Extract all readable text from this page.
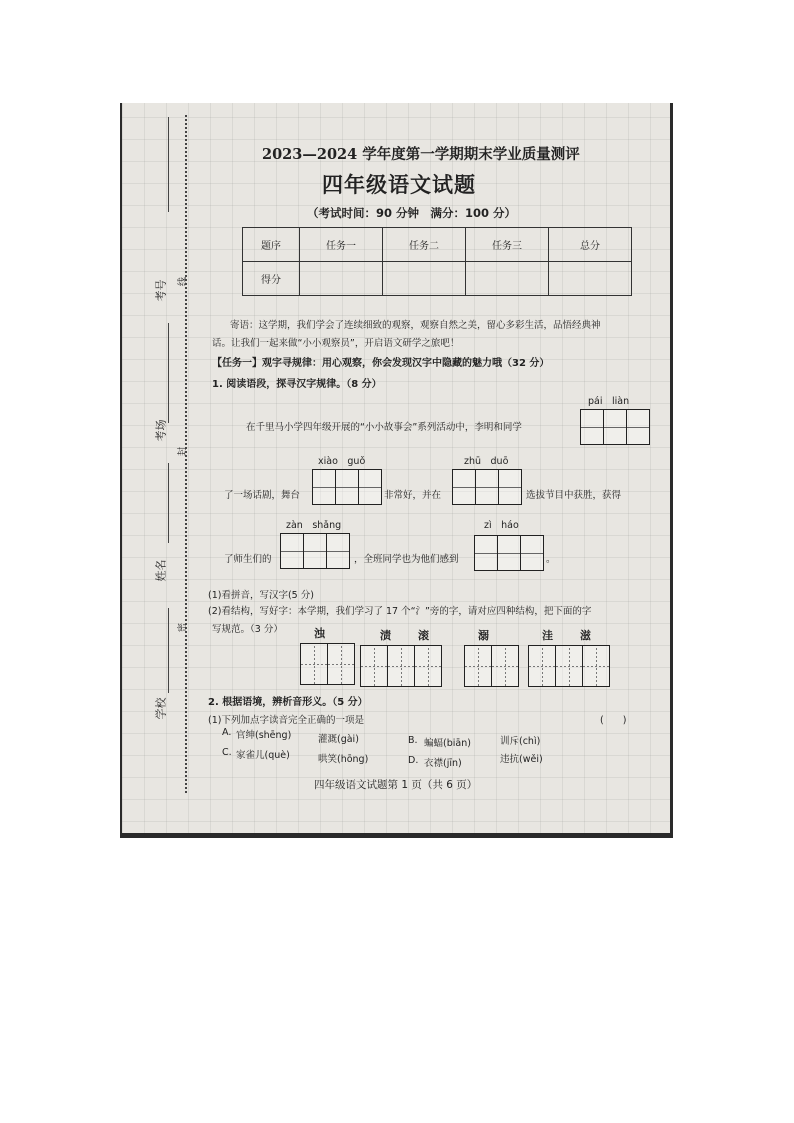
考号
考场
姓名
学校
线
封
密
2023—2024 学年度第一学期期末学业质量测评
四年级语文试题
（考试时间：90 分钟　满分：100 分）
题序	任务一	任务二	任务三	总分
得分				
寄语：这学期，我们学会了连续细致的观察，观察自然之美，留心多彩生活，品悟经典神
话。让我们一起来做“小小观察员”，开启语文研学之旅吧！
【任务一】观字寻规律：用心观察，你会发现汉字中隐藏的魅力哦（32 分）
1. 阅读语段，探寻汉字规律。（8 分）
pái　liàn
在千里马小学四年级开展的“小小故事会”系列活动中，李明和同学
xiào　guǒ	zhū　duō
了一场话剧，舞台	非常好，并在	选拔节目中获胜，获得
zàn　shǎng	zì　háo
了师生们的	，全班同学也为他们感到	。
(1)看拼音，写汉字(5 分)
(2)看结构，写好字：本学期，我们学习了 17 个“氵”旁的字，请对应四种结构，把下面的字
写规范。（3 分）	浊	渍 滚	溺	洼 滋
2. 根据语境，辨析音形义。（5 分）
(1)下列加点字读音完全正确的一项是	(　　)
A. 官绅(shēng)	灌溉(gài)	B. 蝙蝠(biān)	训斥(chì)
C. 家雀儿(què)	哄笑(hōng)	D. 衣襟(jīn)	违抗(wěi)
四年级语文试题第 1 页（共 6 页）
